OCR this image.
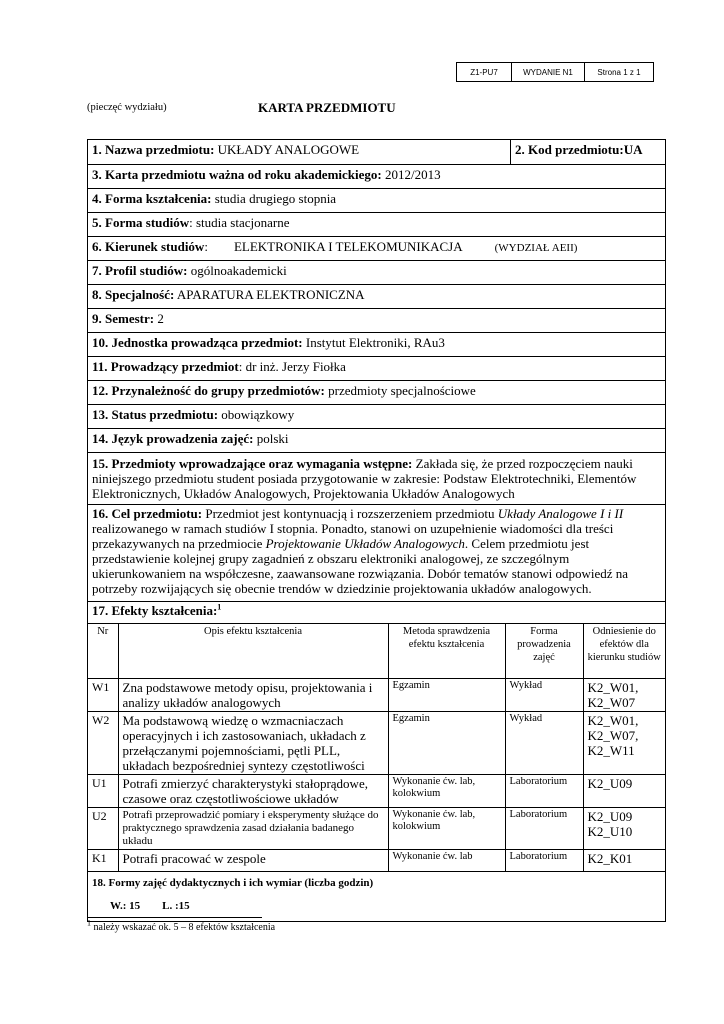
Z1-PU7	WYDANIE N1	Strona 1 z 1
(pieczęć wydziału)	KARTA PRZEDMIOTU
1. Nazwa przedmiotu: UKŁADY ANALOGOWE	2. Kod przedmiotu:UA
3. Karta przedmiotu ważna od roku akademickiego: 2012/2013
4. Forma kształcenia: studia drugiego stopnia
5. Forma studiów: studia stacjonarne
6. Kierunek studiów: ELEKTRONIKA I TELEKOMUNIKACJA	(WYDZIAŁ AEII)
7. Profil studiów: ogólnoakademicki
8. Specjalność: APARATURA ELEKTRONICZNA
9. Semestr: 2
10. Jednostka prowadząca przedmiot: Instytut Elektroniki, RAu3
11. Prowadzący przedmiot: dr inż. Jerzy Fiołka
12. Przynależność do grupy przedmiotów: przedmioty specjalnościowe
13. Status przedmiotu: obowiązkowy
14. Język prowadzenia zajęć: polski
15. Przedmioty wprowadzające oraz wymagania wstępne: Zakłada się, że przed rozpoczęciem nauki niniejszego przedmiotu student posiada przygotowanie w zakresie: Podstaw Elektrotechniki, Elementów Elektronicznych, Układów Analogowych, Projektowania Układów Analogowych
16. Cel przedmiotu: Przedmiot jest kontynuacją i rozszerzeniem przedmiotu Układy Analogowe I i II realizowanego w ramach studiów I stopnia. Ponadto, stanowi on uzupełnienie wiadomości dla treści przekazywanych na przedmiocie Projektowanie Układów Analogowych. Celem przedmiotu jest przedstawienie kolejnej grupy zagadnień z obszaru elektroniki analogowej, ze szczególnym ukierunkowaniem na współczesne, zaawansowane rozwiązania. Dobór tematów stanowi odpowiedź na potrzeby rozwijających się obecnie trendów w dziedzinie projektowania układów analogowych.
17. Efekty kształcenia:$^1$
Nr	Opis efektu kształcenia	Metoda sprawdzenia efektu kształcenia	Forma prowadzenia zajęć	Odniesienie do efektów dla kierunku studiów
W1	Zna podstawowe metody opisu, projektowania i analizy układów analogowych	Egzamin	Wykład	K2_W01, K2_W07
W2	Ma podstawową wiedzę o wzmacniaczach operacyjnych i ich zastosowaniach, układach z przełączanymi pojemnościami, pętli PLL, układach bezpośredniej syntezy częstotliwości	Egzamin	Wykład	K2_W01, K2_W07, K2_W11
U1	Potrafi zmierzyć charakterystyki stałoprądowe, czasowe oraz częstotliwościowe układów	Wykonanie ćw. lab, kolokwium	Laboratorium	K2_U09
U2	Potrafi przeprowadzić pomiary i eksperymenty służące do praktycznego sprawdzenia zasad działania badanego układu	Wykonanie ćw. lab, kolokwium	Laboratorium	K2_U09 K2_U10
K1	Potrafi pracować w zespole	Wykonanie ćw. lab	Laboratorium	K2_K01
18. Formy zajęć dydaktycznych i ich wymiar (liczba godzin)
W.: 15 L. :15
$^1$ należy wskazać ok. 5 – 8 efektów kształcenia
